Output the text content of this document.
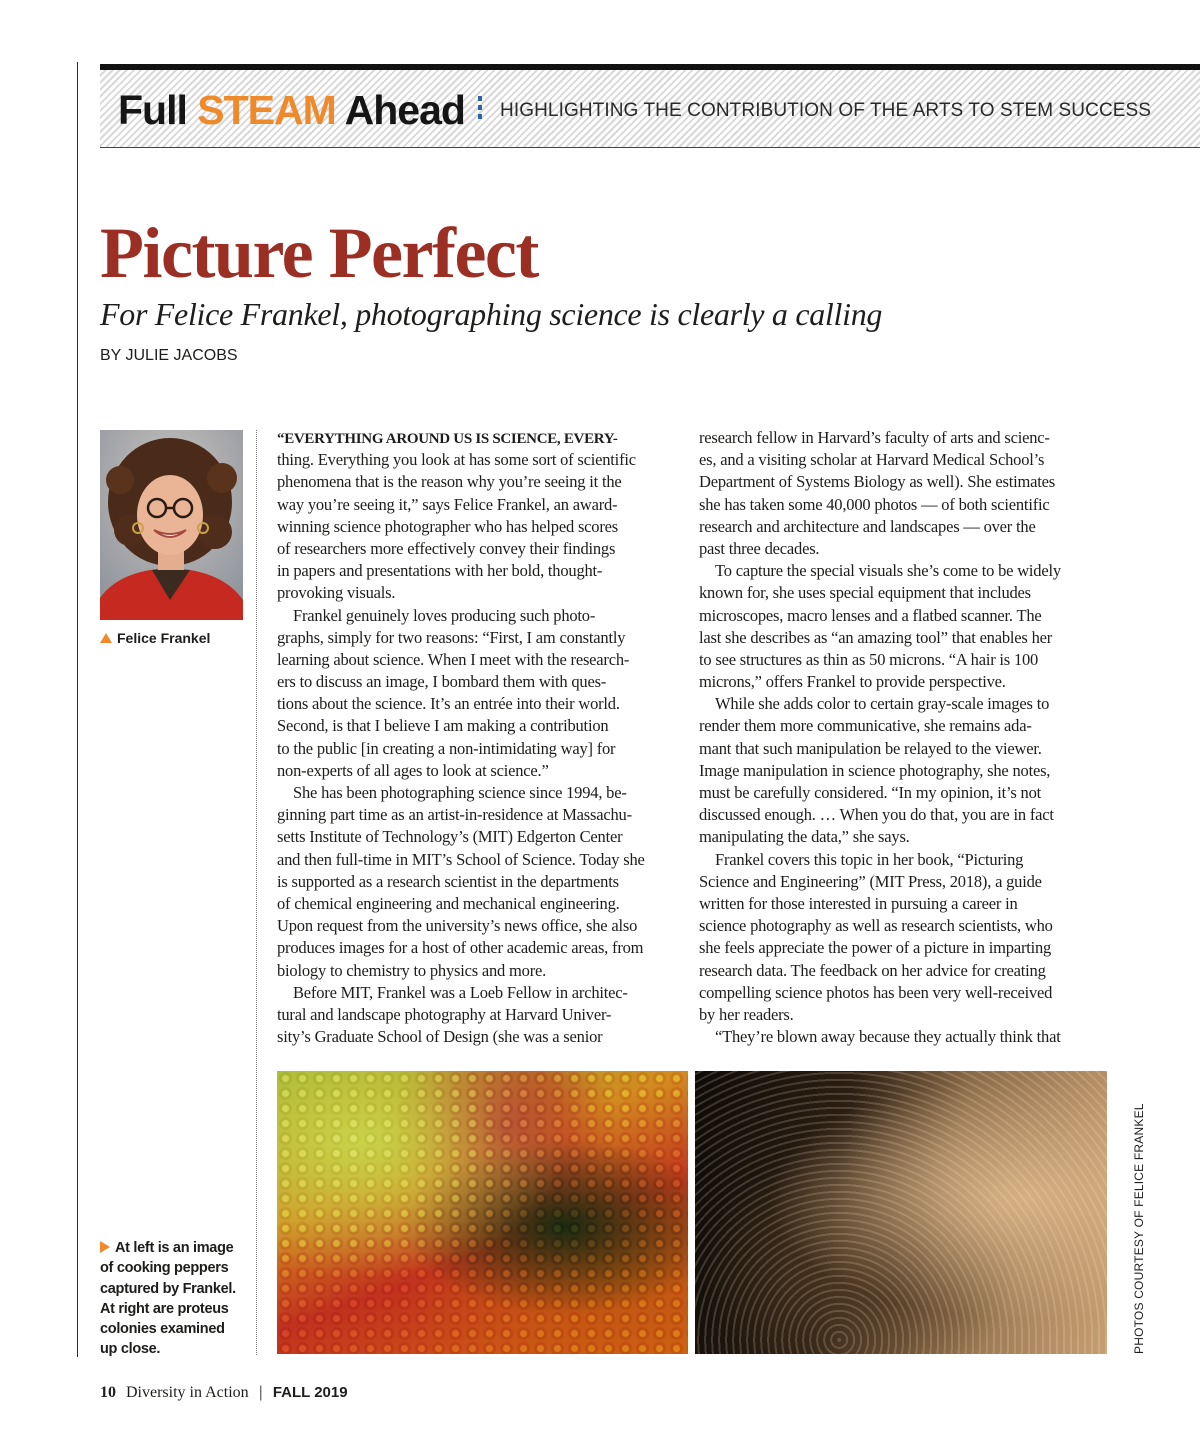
Full STEAM Ahead HIGHLIGHTING THE CONTRIBUTION OF THE ARTS TO STEM SUCCESS
Picture Perfect

For Felice Frankel, photographing science is clearly a calling

BY JULIE JACOBS
Felice Frankel
“EVERYTHING AROUND US IS SCIENCE, EVERY-
thing. Everything you look at has some sort of scientific
phenomena that is the reason why you’re seeing it the
way you’re seeing it,” says Felice Frankel, an award-
winning science photographer who has helped scores
of researchers more effectively convey their findings
in papers and presentations with her bold, thought-
provoking visuals.
Frankel genuinely loves producing such photo-
graphs, simply for two reasons: “First, I am constantly
learning about science. When I meet with the research-
ers to discuss an image, I bombard them with ques-
tions about the science. It’s an entrée into their world.
Second, is that I believe I am making a contribution
to the public [in creating a non-intimidating way] for
non-experts of all ages to look at science.”
She has been photographing science since 1994, be-
ginning part time as an artist-in-residence at Massachu-
setts Institute of Technology’s (MIT) Edgerton Center
and then full-time in MIT’s School of Science. Today she
is supported as a research scientist in the departments
of chemical engineering and mechanical engineering.
Upon request from the university’s news office, she also
produces images for a host of other academic areas, from
biology to chemistry to physics and more.
Before MIT, Frankel was a Loeb Fellow in architec-
tural and landscape photography at Harvard Univer-
sity’s Graduate School of Design (she was a senior
research fellow in Harvard’s faculty of arts and scienc-
es, and a visiting scholar at Harvard Medical School’s
Department of Systems Biology as well). She estimates
she has taken some 40,000 photos — of both scientific
research and architecture and landscapes — over the
past three decades.
To capture the special visuals she’s come to be widely
known for, she uses special equipment that includes
microscopes, macro lenses and a flatbed scanner. The
last she describes as “an amazing tool” that enables her
to see structures as thin as 50 microns. “A hair is 100
microns,” offers Frankel to provide perspective.
While she adds color to certain gray-scale images to
render them more communicative, she remains ada-
mant that such manipulation be relayed to the viewer.
Image manipulation in science photography, she notes,
must be carefully considered. “In my opinion, it’s not
discussed enough. … When you do that, you are in fact
manipulating the data,” she says.
Frankel covers this topic in her book, “Picturing
Science and Engineering” (MIT Press, 2018), a guide
written for those interested in pursuing a career in
science photography as well as research scientists, who
she feels appreciate the power of a picture in imparting
research data. The feedback on her advice for creating
compelling science photos has been very well-received
by her readers.
“They’re blown away because they actually think that
PHOTOS COURTESY OF FELICE FRANKEL
At left is an image
of cooking peppers
captured by Frankel.
At right are proteus
colonies examined
up close.
10 Diversity in Action | FALL 2019
